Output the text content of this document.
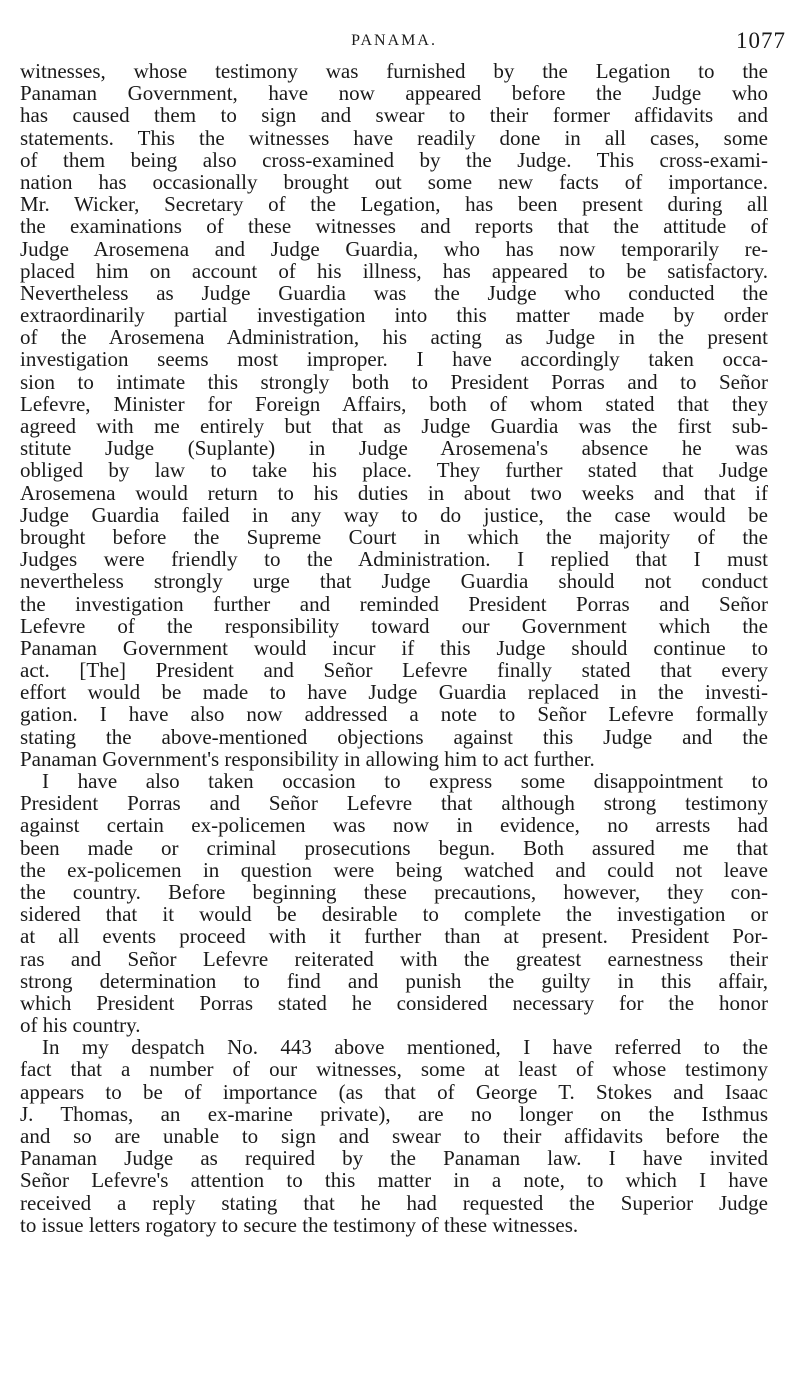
PANAMA.	1077
witnesses, whose testimony was furnished by the Legation to the
Panaman Government, have now appeared before the Judge who
has caused them to sign and swear to their former affidavits and
statements. This the witnesses have readily done in all cases, some
of them being also cross-examined by the Judge. This cross-exami-
nation has occasionally brought out some new facts of importance.
Mr. Wicker, Secretary of the Legation, has been present during all
the examinations of these witnesses and reports that the attitude of
Judge Arosemena and Judge Guardia, who has now temporarily re-
placed him on account of his illness, has appeared to be satisfactory.
Nevertheless as Judge Guardia was the Judge who conducted the
extraordinarily partial investigation into this matter made by order
of the Arosemena Administration, his acting as Judge in the present
investigation seems most improper. I have accordingly taken occa-
sion to intimate this strongly both to President Porras and to Señor
Lefevre, Minister for Foreign Affairs, both of whom stated that they
agreed with me entirely but that as Judge Guardia was the first sub-
stitute Judge (Suplante) in Judge Arosemena's absence he was
obliged by law to take his place. They further stated that Judge
Arosemena would return to his duties in about two weeks and that if
Judge Guardia failed in any way to do justice, the case would be
brought before the Supreme Court in which the majority of the
Judges were friendly to the Administration. I replied that I must
nevertheless strongly urge that Judge Guardia should not conduct
the investigation further and reminded President Porras and Señor
Lefevre of the responsibility toward our Government which the
Panaman Government would incur if this Judge should continue to
act. [The] President and Señor Lefevre finally stated that every
effort would be made to have Judge Guardia replaced in the investi-
gation. I have also now addressed a note to Señor Lefevre formally
stating the above-mentioned objections against this Judge and the
Panaman Government's responsibility in allowing him to act further.
I have also taken occasion to express some disappointment to
President Porras and Señor Lefevre that although strong testimony
against certain ex-policemen was now in evidence, no arrests had
been made or criminal prosecutions begun. Both assured me that
the ex-policemen in question were being watched and could not leave
the country. Before beginning these precautions, however, they con-
sidered that it would be desirable to complete the investigation or
at all events proceed with it further than at present. President Por-
ras and Señor Lefevre reiterated with the greatest earnestness their
strong determination to find and punish the guilty in this affair,
which President Porras stated he considered necessary for the honor
of his country.
In my despatch No. 443 above mentioned, I have referred to the
fact that a number of our witnesses, some at least of whose testimony
appears to be of importance (as that of George T. Stokes and Isaac
J. Thomas, an ex-marine private), are no longer on the Isthmus
and so are unable to sign and swear to their affidavits before the
Panaman Judge as required by the Panaman law. I have invited
Señor Lefevre's attention to this matter in a note, to which I have
received a reply stating that he had requested the Superior Judge
to issue letters rogatory to secure the testimony of these witnesses.
